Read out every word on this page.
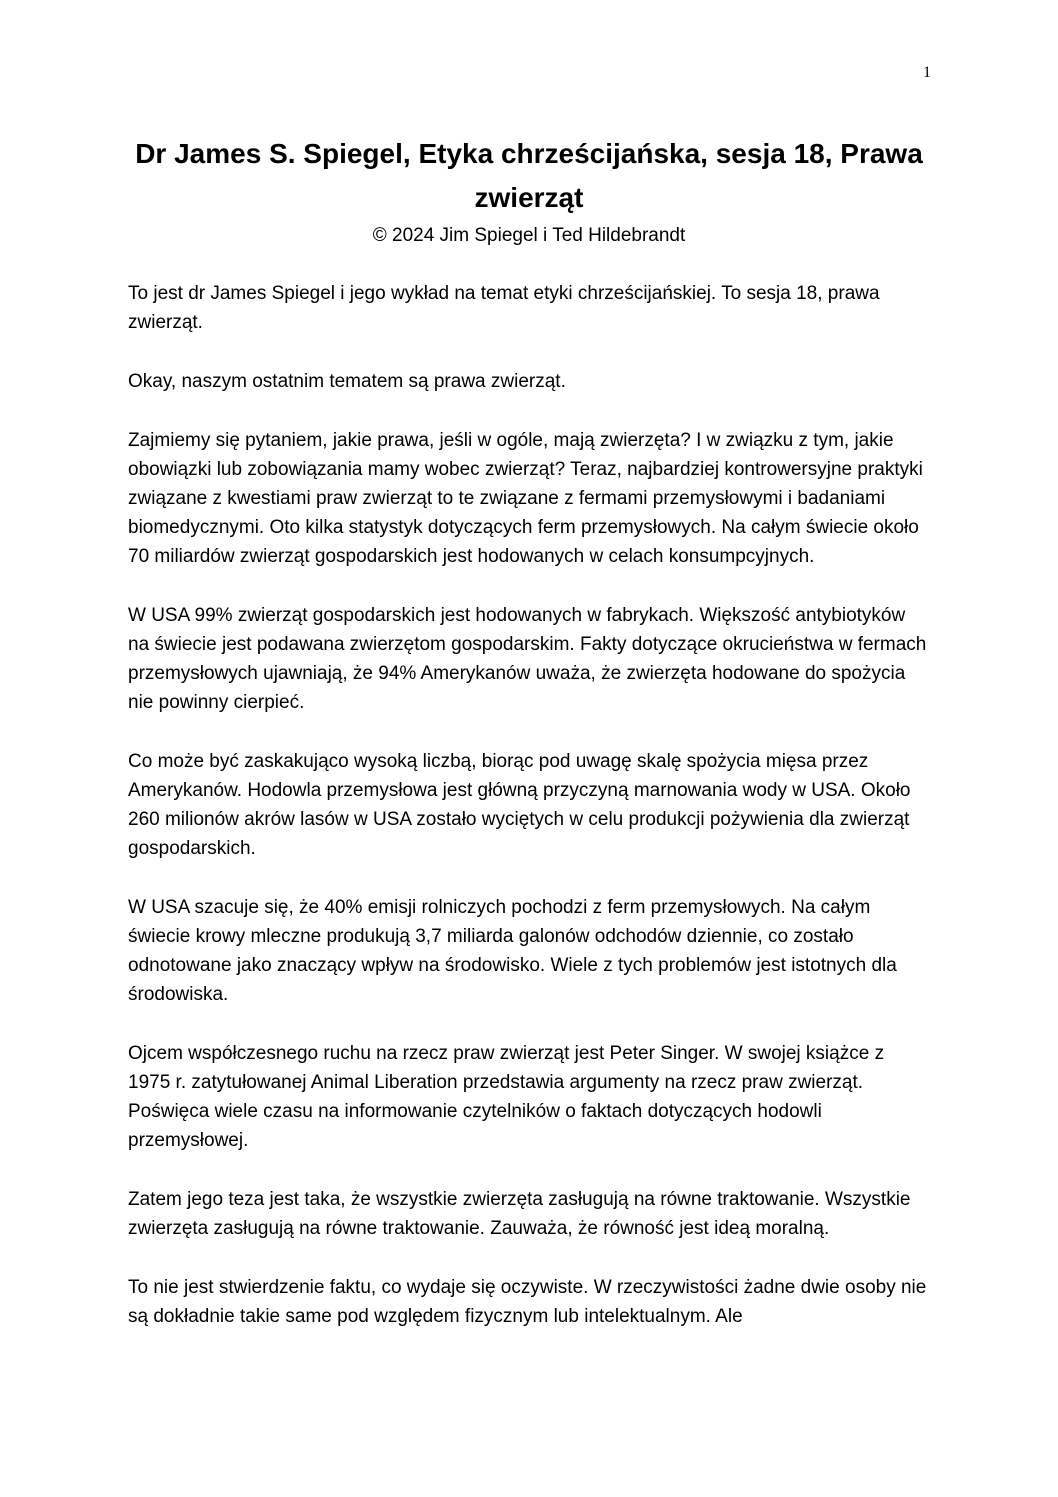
1

Dr James S. Spiegel, Etyka chrześcijańska, sesja 18, Prawa zwierząt

© 2024 Jim Spiegel i Ted Hildebrandt

To jest dr James Spiegel i jego wykład na temat etyki chrześcijańskiej. To sesja 18, prawa zwierząt.

Okay, naszym ostatnim tematem są prawa zwierząt.

Zajmiemy się pytaniem, jakie prawa, jeśli w ogóle, mają zwierzęta? I w związku z tym, jakie obowiązki lub zobowiązania mamy wobec zwierząt? Teraz, najbardziej kontrowersyjne praktyki związane z kwestiami praw zwierząt to te związane z fermami przemysłowymi i badaniami biomedycznymi. Oto kilka statystyk dotyczących ferm przemysłowych. Na całym świecie około 70 miliardów zwierząt gospodarskich jest hodowanych w celach konsumpcyjnych.

W USA 99% zwierząt gospodarskich jest hodowanych w fabrykach. Większość antybiotyków na świecie jest podawana zwierzętom gospodarskim. Fakty dotyczące okrucieństwa w fermach przemysłowych ujawniają, że 94% Amerykanów uważa, że zwierzęta hodowane do spożycia nie powinny cierpieć.

Co może być zaskakująco wysoką liczbą, biorąc pod uwagę skalę spożycia mięsa przez Amerykanów. Hodowla przemysłowa jest główną przyczyną marnowania wody w USA. Około 260 milionów akrów lasów w USA zostało wyciętych w celu produkcji pożywienia dla zwierząt gospodarskich.

W USA szacuje się, że 40% emisji rolniczych pochodzi z ferm przemysłowych. Na całym świecie krowy mleczne produkują 3,7 miliarda galonów odchodów dziennie, co zostało odnotowane jako znaczący wpływ na środowisko. Wiele z tych problemów jest istotnych dla środowiska.

Ojcem współczesnego ruchu na rzecz praw zwierząt jest Peter Singer. W swojej książce z 1975 r. zatytułowanej Animal Liberation przedstawia argumenty na rzecz praw zwierząt. Poświęca wiele czasu na informowanie czytelników o faktach dotyczących hodowli przemysłowej.

Zatem jego teza jest taka, że wszystkie zwierzęta zasługują na równe traktowanie. Wszystkie zwierzęta zasługują na równe traktowanie. Zauważa, że równość jest ideą moralną.

To nie jest stwierdzenie faktu, co wydaje się oczywiste. W rzeczywistości żadne dwie osoby nie są dokładnie takie same pod względem fizycznym lub intelektualnym. Ale
